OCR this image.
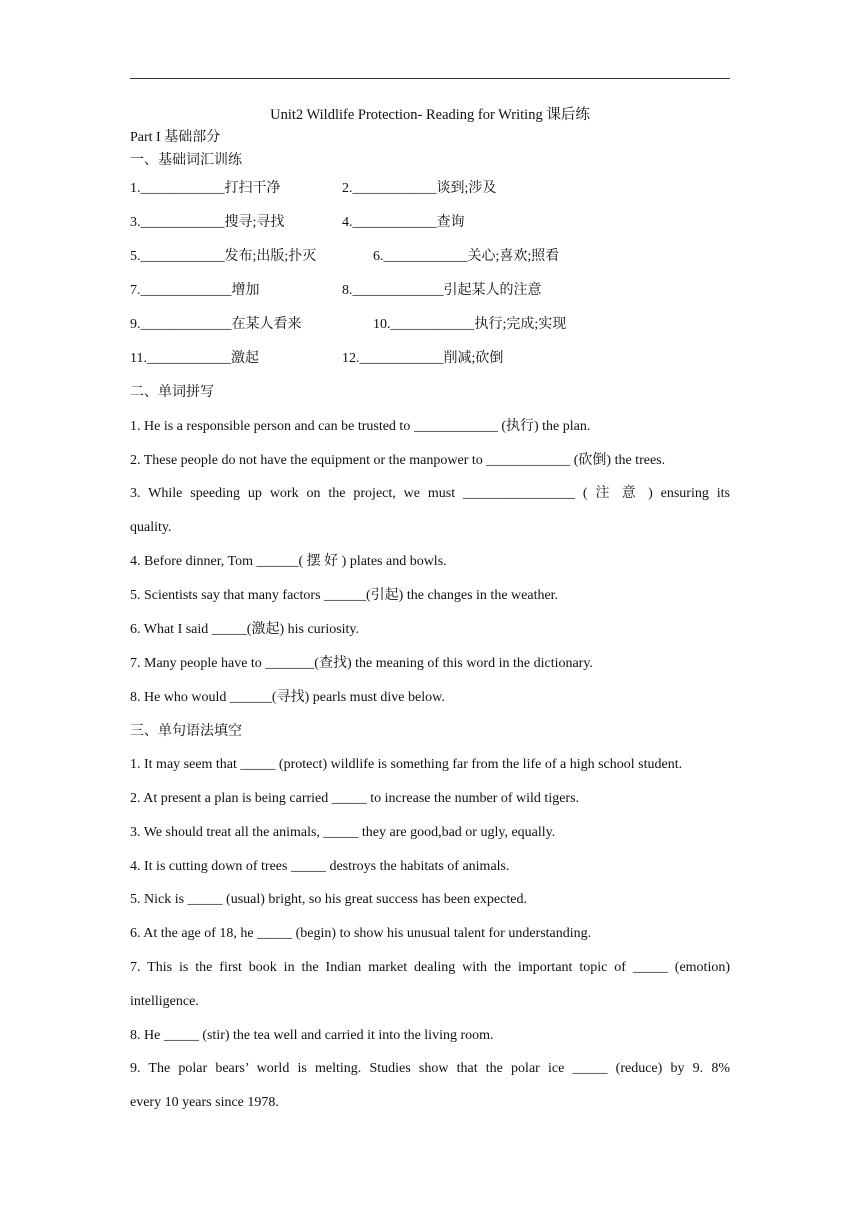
Unit2 Wildlife Protection- Reading for Writing 课后练
Part I 基础部分
一、基础词汇训练
1.____________打扫干净	2.____________谈到;涉及
3.____________搜寻;寻找	4.____________查询
5.____________发布;出版;扑灭	6.____________关心;喜欢;照看
7._____________增加	8._____________引起某人的注意
9._____________在某人看来	10.____________执行;完成;实现
11.____________激起	12.____________削减;砍倒
二、单词拼写
1. He is a responsible person and can be trusted to ____________ (执行) the plan.
2. These people do not have the equipment or the manpower to ____________ (砍倒) the trees.
3. While speeding up work on the project, we must ________________ ( 注 意 ) ensuring its
quality.
4. Before dinner, Tom ______( 摆 好 ) plates and bowls.
5. Scientists say that many factors ______(引起) the changes in the weather.
6. What I said _____(激起) his curiosity.
7. Many people have to _______(查找) the meaning of this word in the dictionary.
8. He who would ______(寻找) pearls must dive below.
三、单句语法填空
1. It may seem that _____ (protect) wildlife is something far from the life of a high school student.
2. At present a plan is being carried _____ to increase the number of wild tigers.
3. We should treat all the animals, _____ they are good,bad or ugly, equally.
4. It is cutting down of trees _____ destroys the habitats of animals.
5. Nick is _____ (usual) bright, so his great success has been expected.
6. At the age of 18, he _____ (begin) to show his unusual talent for understanding.
7. This is the first book in the Indian market dealing with the important topic of _____ (emotion)
intelligence.
8. He _____ (stir) the tea well and carried it into the living room.
9. The polar bears’ world is melting. Studies show that the polar ice _____ (reduce) by 9. 8%
every 10 years since 1978.
